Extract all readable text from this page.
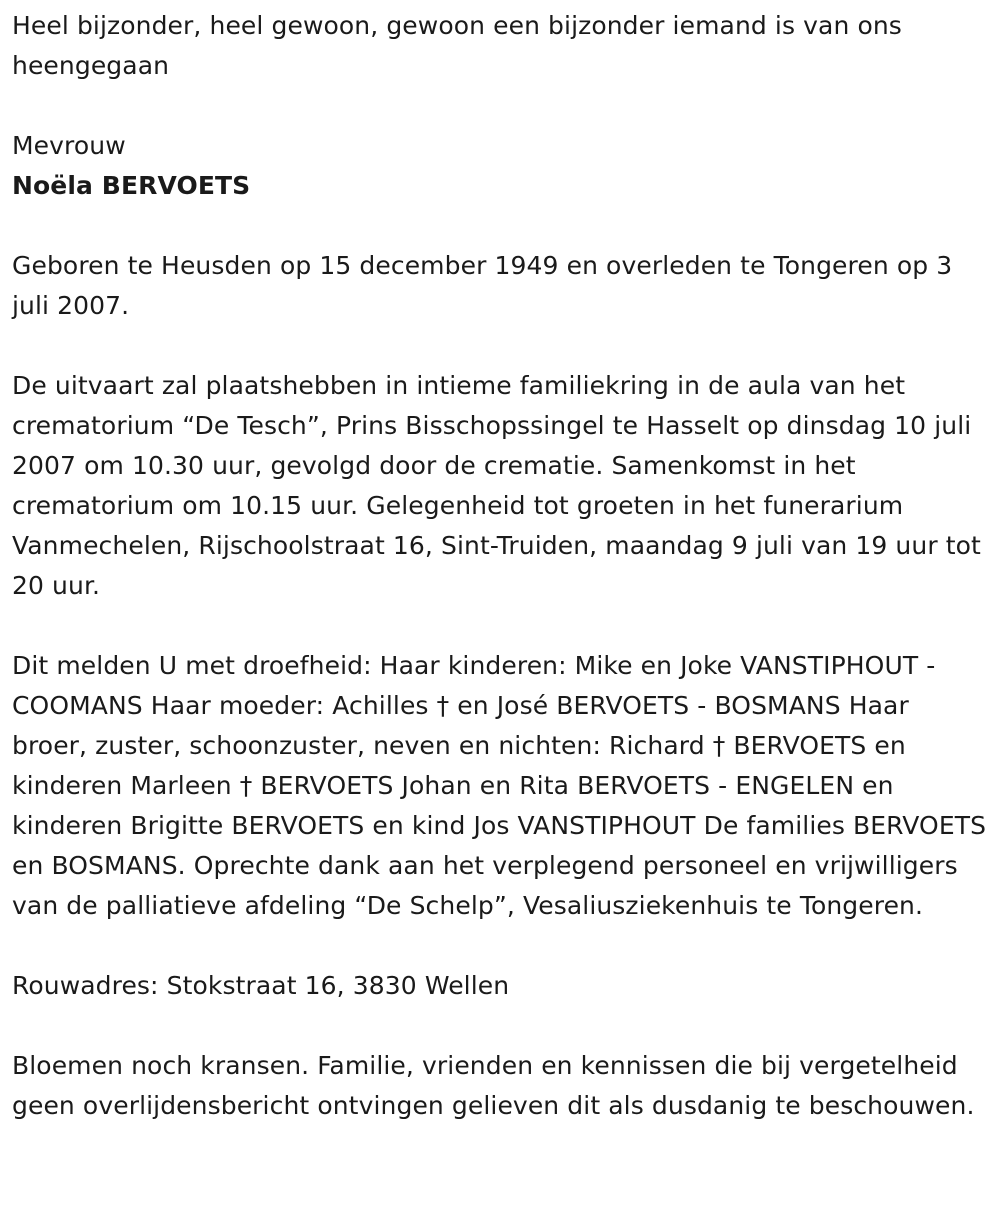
Heel bijzonder, heel gewoon, gewoon een bijzonder iemand is van ons heengegaan

Mevrouw

Noëla BERVOETS

Geboren te Heusden op 15 december 1949 en overleden te Tongeren op 3 juli 2007.

De uitvaart zal plaatshebben in intieme familiekring in de aula van het crematorium “De Tesch”, Prins Bisschopssingel te Hasselt op dinsdag 10 juli 2007 om 10.30 uur, gevolgd door de crematie. Samenkomst in het crematorium om 10.15 uur. Gelegenheid tot groeten in het funerarium Vanmechelen, Rijschoolstraat 16, Sint-Truiden, maandag 9 juli van 19 uur tot 20 uur.

Dit melden U met droefheid: Haar kinderen: Mike en Joke VANSTIPHOUT - COOMANS Haar moeder: Achilles † en José BERVOETS - BOSMANS Haar broer, zuster, schoonzuster, neven en nichten: Richard † BERVOETS en kinderen Marleen † BERVOETS Johan en Rita BERVOETS - ENGELEN en kinderen Brigitte BERVOETS en kind Jos VANSTIPHOUT De families BERVOETS en BOSMANS. Oprechte dank aan het verplegend personeel en vrijwilligers van de palliatieve afdeling “De Schelp”, Vesaliusziekenhuis te Tongeren.

Rouwadres: Stokstraat 16, 3830 Wellen

Bloemen noch kransen. Familie, vrienden en kennissen die bij vergetelheid geen overlijdensbericht ontvingen gelieven dit als dusdanig te beschouwen.
